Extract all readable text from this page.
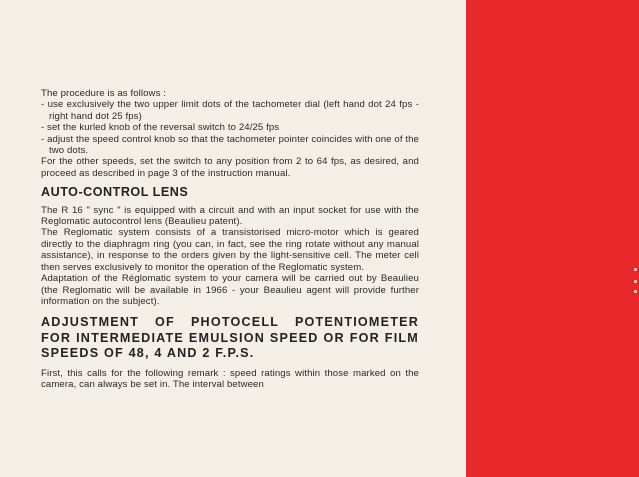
The procedure is as follows :

- use exclusively the two upper limit dots of the tachometer dial (left hand dot 24 fps - right hand dot 25 fps)

- set the kurled knob of the reversal switch to 24/25 fps

- adjust the speed control knob so that the tachometer pointer coincides with one of the two dots.

For the other speeds, set the switch to any position from 2 to 64 fps, as desired, and proceed as described in page 3 of the instruction manual.

AUTO-CONTROL LENS

The R 16 " sync " is equipped with a circuit and with an input socket for use with the Reglomatic autocontrol lens (Beaulieu patent).

The Reglomatic system consists of a transistorised micro-motor which is geared directly to the diaphragm ring (you can, in fact, see the ring rotate without any manual assistance), in response to the orders given by the light-sensitive cell. The meter cell then serves exclusively to monitor the operation of the Reglomatic system.

Adaptation of the Réglomatic system to your camera will be carried out by Beaulieu (the Reglomatic will be available in 1966 - your Beaulieu agent will provide further information on the subject).

ADJUSTMENT OF PHOTOCELL POTENTIOMETER FOR INTERMEDIATE EMULSION SPEED OR FOR FILM SPEEDS OF 48, 4 AND 2 F.P.S.

First, this calls for the following remark : speed ratings within those marked on the camera, can always be set in. The interval between
